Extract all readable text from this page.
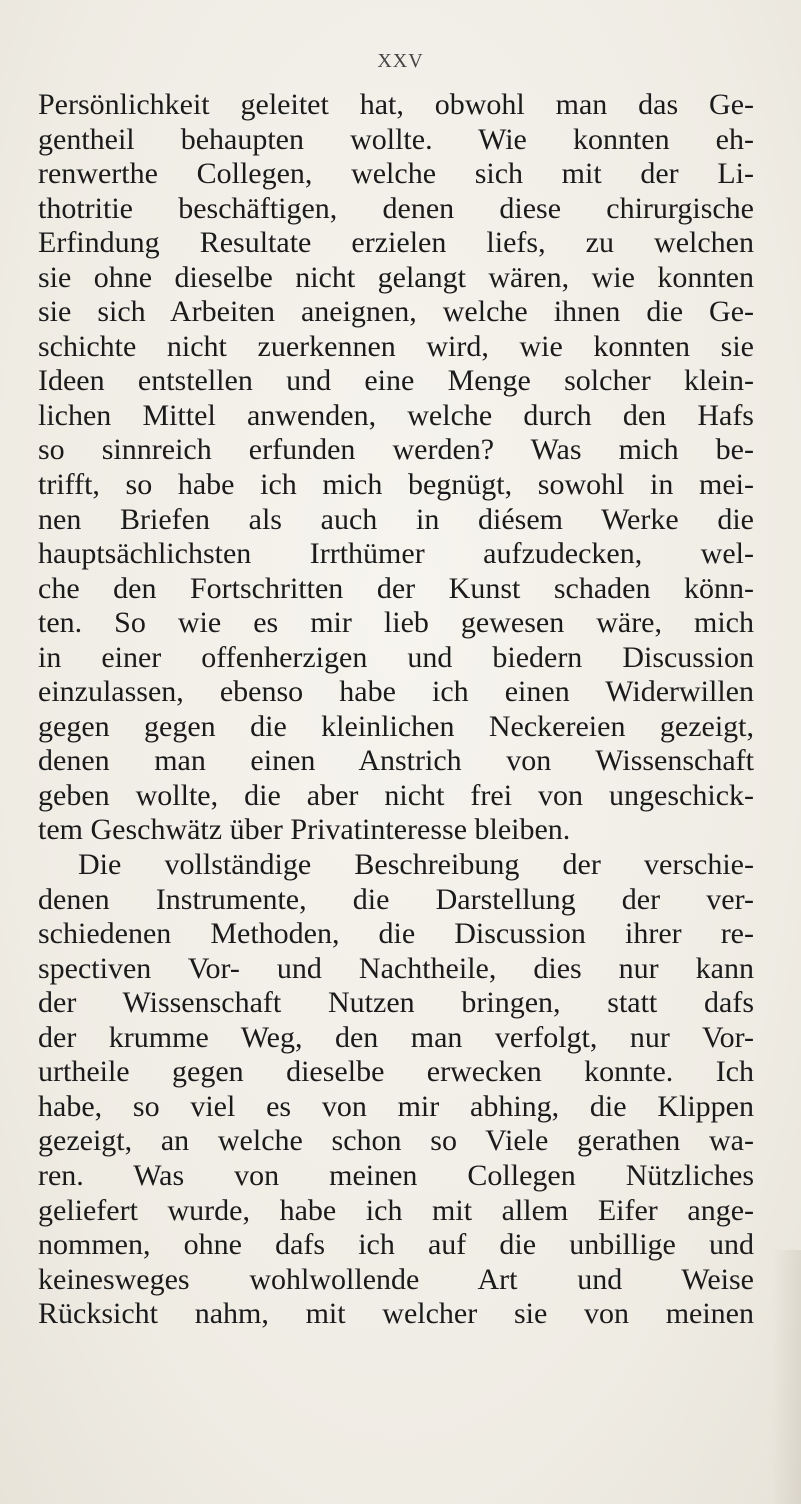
XXV
Persönlichkeit geleitet hat, obwohl man das Ge-
gentheil behaupten wollte. Wie konnten eh-
renwerthe Collegen, welche sich mit der Li-
thotritie beschäftigen, denen diese chirurgische
Erfindung Resultate erzielen liefs, zu welchen
sie ohne dieselbe nicht gelangt wären, wie konnten
sie sich Arbeiten aneignen, welche ihnen die Ge-
schichte nicht zuerkennen wird, wie konnten sie
Ideen entstellen und eine Menge solcher klein-
lichen Mittel anwenden, welche durch den Hafs
so sinnreich erfunden werden? Was mich be-
trifft, so habe ich mich begnügt, sowohl in mei-
nen Briefen als auch in diésem Werke die
hauptsächlichsten Irrthümer aufzudecken, wel-
che den Fortschritten der Kunst schaden könn-
ten. So wie es mir lieb gewesen wäre, mich
in einer offenherzigen und biedern Discussion
einzulassen, ebenso habe ich einen Widerwillen
gegen gegen die kleinlichen Neckereien gezeigt,
denen man einen Anstrich von Wissenschaft
geben wollte, die aber nicht frei von ungeschick-
tem Geschwätz über Privatinteresse bleiben.
Die vollständige Beschreibung der verschie-
denen Instrumente, die Darstellung der ver-
schiedenen Methoden, die Discussion ihrer re-
spectiven Vor- und Nachtheile, dies nur kann
der Wissenschaft Nutzen bringen, statt dafs
der krumme Weg, den man verfolgt, nur Vor-
urtheile gegen dieselbe erwecken konnte. Ich
habe, so viel es von mir abhing, die Klippen
gezeigt, an welche schon so Viele gerathen wa-
ren. Was von meinen Collegen Nützliches
geliefert wurde, habe ich mit allem Eifer ange-
nommen, ohne dafs ich auf die unbillige und
keinesweges wohlwollende Art und Weise
Rücksicht nahm, mit welcher sie von meinen
